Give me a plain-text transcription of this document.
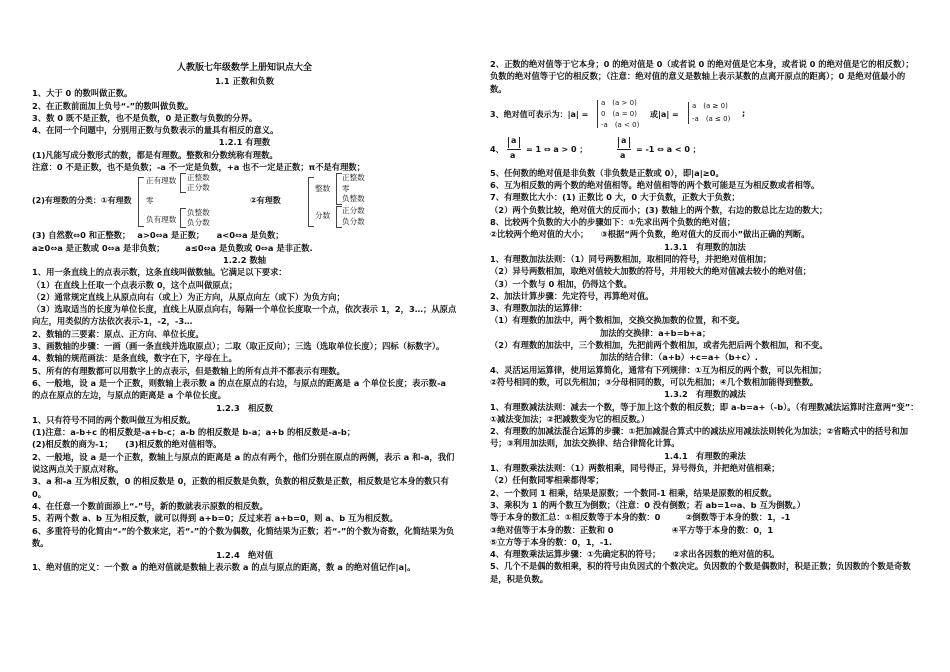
人教版七年级数学上册知识点大全
1.1 正数和负数
1、大于 0 的数叫做正数。
2、在正数前面加上负号“-”的数叫做负数。
3、数 0 既不是正数，也不是负数，0 是正数与负数的分界。
4、在同一个问题中，分别用正数与负数表示的量具有相反的意义。
1.2.1 有理数
(1)凡能写成分数形式的数，都是有理数。整数和分数统称有理数。
注意：0 不是正数，也不是负数；-a 不一定是负数，+a 也不一定是正数；π不是有理数；
(2)有理数的分类：①有理数
正有理数
零
负有理数
正整数
正分数
负整数
负分数
②有理数
整数
分数
正整数
零
负整数
正分数
负分数
(3) 自然数⇔0 和正整数；　 a>0⇔a 是正数；　　a<0⇔a 是负数；
a≥0⇔a 是正数或 0⇔a 是非负数；　　　a≤0⇔a 是负数或 0⇔a 是非正数.
1.2.2 数轴
1、用一条直线上的点表示数，这条直线叫做数轴。它满足以下要求：
（1）在直线上任取一个点表示数 0，这个点叫做原点；
（2）通常规定直线上从原点向右（或上）为正方向，从原点向左（或下）为负方向；
（3）选取适当的长度为单位长度，直线上从原点向右，每隔一个单位长度取一个点，依次表示 1，2，3…；从原点向左，用类似的方法依次表示-1，-2，-3…
2、数轴的三要素：原点、正方向、单位长度。
3、画数轴的步骤：一画（画一条直线并选取原点）；二取（取正反向）；三选（选取单位长度）；四标（标数字）。
4、数轴的规范画法：是条直线，数字在下，字母在上。
5、所有的有理数都可以用数字上的点表示，但是数轴上的所有点并不都表示有理数。
6、一般地，设 a 是一个正数，则数轴上表示数 a 的点在原点的右边，与原点的距离是 a 个单位长度；表示数-a 的点在原点的左边，与原点的距离是 a 个单位长度。
1.2.3　相反数
1、只有符号不同的两个数叫做互为相反数。
(1)注意：a-b+c 的相反数是-a+b-c；a-b 的相反数是 b-a；a+b 的相反数是-a-b；
(2)相反数的商为-1；　　(3)相反数的绝对值相等。
2、一般地，设 a 是一个正数，数轴上与原点的距离是 a 的点有两个，他们分别在原点的两侧，表示 a 和-a，我们说这两点关于原点对称。
3、a 和-a 互为相反数，0 的相反数是 0，正数的相反数是负数，负数的相反数是正数，相反数是它本身的数只有 0。
4、在任意一个数前面添上“-”号，新的数就表示原数的相反数。
5、若两个数 a、b 互为相反数，就可以得到 a+b=0；反过来若 a+b=0，则 a、b 互为相反数。
6、多重符号的化简由“-”的个数来定，若“-”的个数为偶数，化简结果为正数；若“-”的个数为奇数，化简结果为负数。
1.2.4　绝对值
1、绝对值的定义：一个数 a 的绝对值就是数轴上表示数 a 的点与原点的距离，数 a 的绝对值记作|a|。
2、正数的绝对值等于它本身；0 的绝对值是 0（或者说 0 的绝对值是它本身，或者说 0 的绝对值是它的相反数）；负数的绝对值等于它的相反数；（注意：绝对值的意义是数轴上表示某数的点离开原点的距离）；0 是绝对值最小的数。
3、绝对值可表示为：|a| =
a　(a > 0)
0　(a = 0)
-a　(a < 0)
或|a| =
a　(a ≥ 0)
-a　(a ≤ 0)
;
4、
a
a
= 1 ⇔ a > 0 ；
a
a
= -1 ⇔ a < 0 ；
5、任何数的绝对值是非负数（非负数是正数或 0），即|a|≥0。
6、互为相反数的两个数的绝对值相等。绝对值相等的两个数可能是互为相反数或者相等。
7、有理数比大小：(1) 正数比 0 大，0 大于负数，正数大于负数；
（2）两个负数比较，绝对值大的反而小；(3) 数轴上的两个数，右边的数总比左边的数大；
8、比较两个负数的大小的步骤如下：①先求出两个负数的绝对值；
②比较两个绝对值的大小；　　③根据“两个负数，绝对值大的反而小”做出正确的判断。
1.3.1　有理数的加法
1、有理数加法法则：（1）同号两数相加，取相同的符号，并把绝对值相加；
（2）异号两数相加，取绝对值较大加数的符号，并用较大的绝对值减去较小的绝对值；
（3）一个数与 0 相加，仍得这个数。
2、加法计算步骤：先定符号，再算绝对值。
3、有理数加法的运算律：
（1）有理数的加法中，两个数相加，交换交换加数的位置，和不变。
加法的交换律：a+b=b+a；
（2）有理数的加法中，三个数相加，先把前两个数相加，或者先把后两个数相加，和不变。
加法的结合律：（a+b）+c=a+（b+c）.
4、灵活运用运算律，使用运算简化，通常有下列规律：①互为相反的两个数，可以先相加；
②符号相同的数，可以先相加；③分母相同的数，可以先相加；④几个数相加能得到整数。
1.3.2　有理数的减法
1、有理数减法法则：减去一个数，等于加上这个数的相反数；即 a-b=a+（-b）。（有理数减法运算时注意两“变”：①减法变加法；②把减数变为它的相反数。）
2、有理数的加减法混合运算的步骤：①把加减混合算式中的减法应用减法法则转化为加法；②省略式中的括号和加号；③利用加法则，加法交换律、结合律简化计算。
1.4.1　有理数的乘法
1、有理数乘法法则：（1）两数相乘，同号得正，异号得负，并把绝对值相乘；
（2）任何数同零相乘都得零；
2、一个数同 1 相乘，结果是原数；一个数同-1 相乘，结果是原数的相反数。
3、乘积为 1 的两个数互为倒数；（注意：0 没有倒数；若 ab=1⇔a、b 互为倒数。）
等于本身的数汇总：①相反数等于本身的数：0　　　②倒数等于本身的数：1，-1
③绝对值等于本身的数：正数和 0　　　　　　　④平方等于本身的数：0，1
⑤立方等于本身的数：0，1，-1.
4、有理数乘法运算步骤：①先确定积的符号；　　②求出各因数的绝对值的积。
5、几个不是偶的数相乘，积的符号由负因式的个数决定。负因数的个数是偶数时，积是正数；负因数的个数是奇数是，积是负数。
